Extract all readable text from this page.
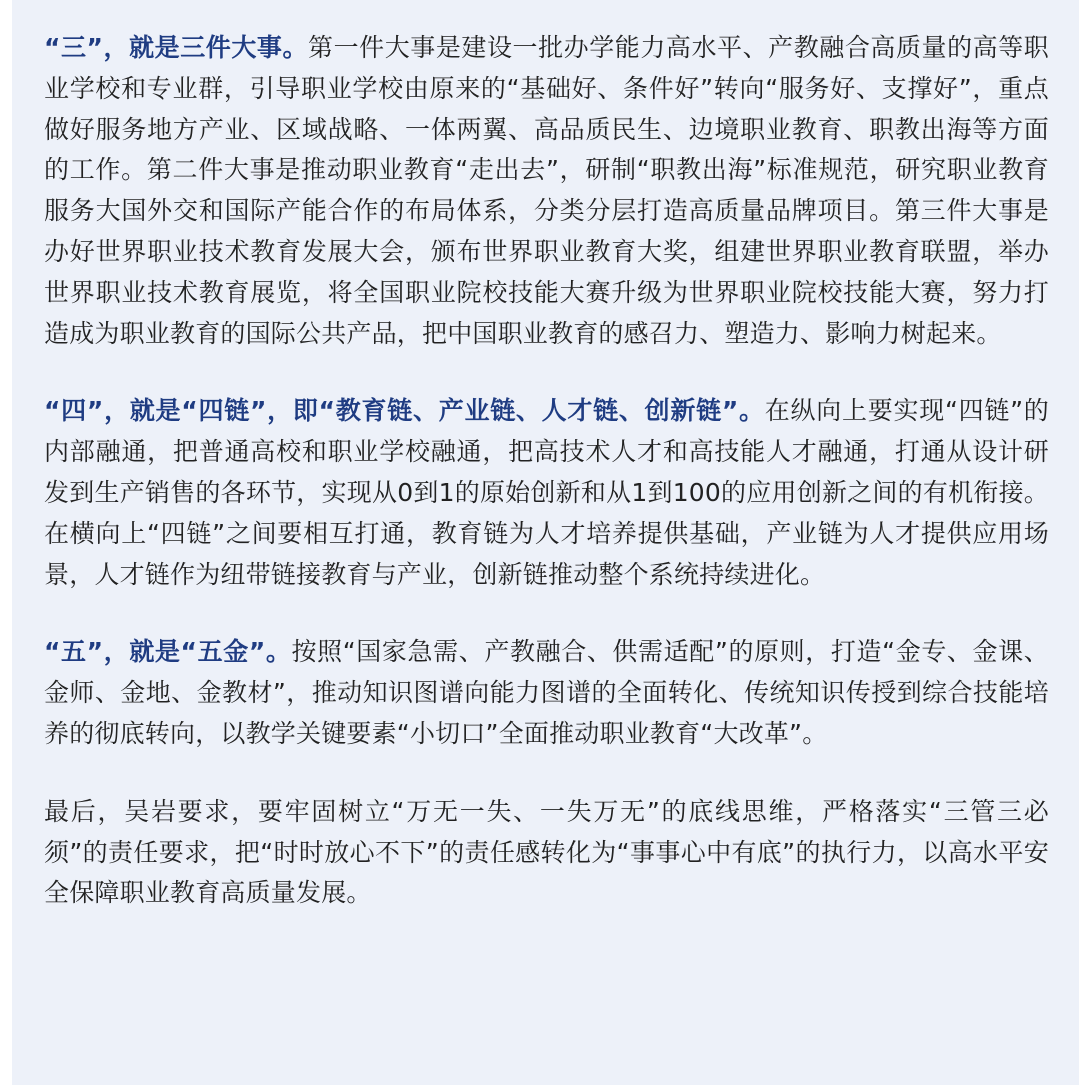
“三”，就是三件大事。第一件大事是建设一批办学能力高水平、产教融合高质量的高等职业学校和专业群，引导职业学校由原来的“基础好、条件好”转向“服务好、支撑好”，重点做好服务地方产业、区域战略、一体两翼、高品质民生、边境职业教育、职教出海等方面的工作。第二件大事是推动职业教育“走出去”，研制“职教出海”标准规范，研究职业教育服务大国外交和国际产能合作的布局体系，分类分层打造高质量品牌项目。第三件大事是办好世界职业技术教育发展大会，颁布世界职业教育大奖，组建世界职业教育联盟，举办世界职业技术教育展览，将全国职业院校技能大赛升级为世界职业院校技能大赛，努力打造成为职业教育的国际公共产品，把中国职业教育的感召力、塑造力、影响力树起来。

“四”，就是“四链”，即“教育链、产业链、人才链、创新链”。在纵向上要实现“四链”的内部融通，把普通高校和职业学校融通，把高技术人才和高技能人才融通，打通从设计研发到生产销售的各环节，实现从0到1的原始创新和从1到100的应用创新之间的有机衔接。在横向上“四链”之间要相互打通，教育链为人才培养提供基础，产业链为人才提供应用场景，人才链作为纽带链接教育与产业，创新链推动整个系统持续进化。

“五”，就是“五金”。按照“国家急需、产教融合、供需适配”的原则，打造“金专、金课、金师、金地、金教材”，推动知识图谱向能力图谱的全面转化、传统知识传授到综合技能培养的彻底转向，以教学关键要素“小切口”全面推动职业教育“大改革”。

最后，吴岩要求，要牢固树立“万无一失、一失万无”的底线思维，严格落实“三管三必须”的责任要求，把“时时放心不下”的责任感转化为“事事心中有底”的执行力，以高水平安全保障职业教育高质量发展。
